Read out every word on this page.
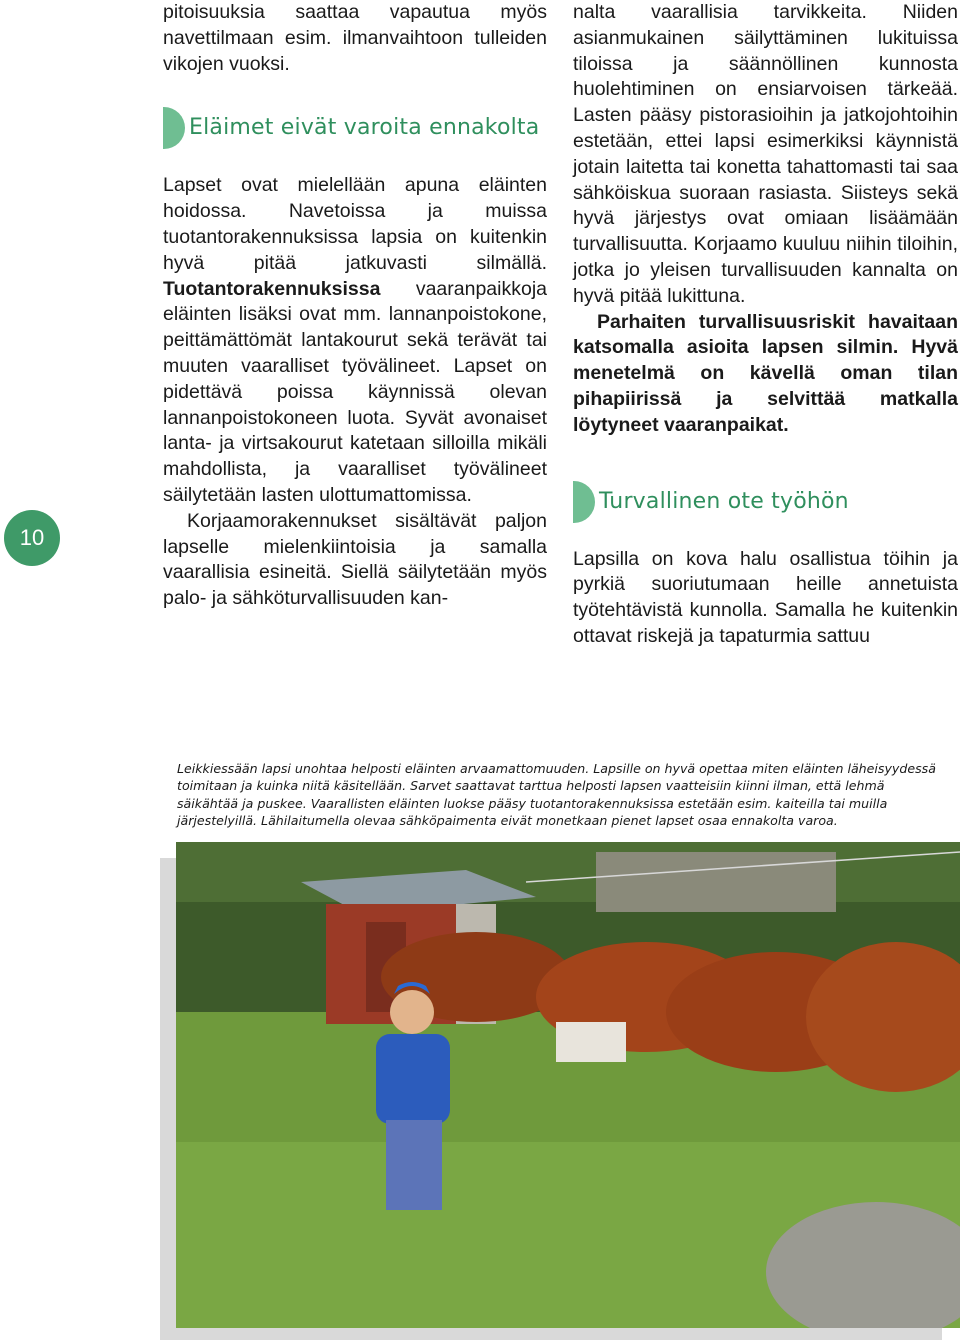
10

pitoisuuksia saattaa vapautua myös navettilmaan esim. ilmanvaihtoon tulleiden vikojen vuoksi.

Eläimet eivät varoita ennakolta

Lapset ovat mielellään apuna eläinten hoidossa. Navetoissa ja muissa tuotantorakennuksissa lapsia on kuitenkin hyvä pitää jatkuvasti silmällä. Tuotantorakennuksissa vaaranpaikkoja eläinten lisäksi ovat mm. lannanpoistokone, peittämättömät lantakourut sekä terävät tai muuten vaaralliset työvälineet. Lapset on pidettävä poissa käynnissä olevan lannanpoistokoneen luota. Syvät avonaiset lanta- ja virtsakourut katetaan silloilla mikäli mahdollista, ja vaaralliset työvälineet säilytetään lasten ulottumattomissa.

Korjaamorakennukset sisältävät paljon lapselle mielenkiintoisia ja samalla vaarallisia esineitä. Siellä säilytetään myös palo- ja sähköturvallisuuden kan-

nalta vaarallisia tarvikkeita. Niiden asianmukainen säilyttäminen lukituissa tiloissa ja säännöllinen kunnosta huolehtiminen on ensiarvoisen tärkeää. Lasten pääsy pistorasioihin ja jatkojohtoihin estetään, ettei lapsi esimerkiksi käynnistä jotain laitetta tai konetta tahattomasti tai saa sähköiskua suoraan rasiasta. Siisteys sekä hyvä järjestys ovat omiaan lisäämään turvallisuutta. Korjaamo kuuluu niihin tiloihin, jotka jo yleisen turvallisuuden kannalta on hyvä pitää lukittuna.

Parhaiten turvallisuusriskit havaitaan katsomalla asioita lapsen silmin. Hyvä menetelmä on kävellä oman tilan pihapiirissä ja selvittää matkalla löytyneet vaaranpaikat.

Turvallinen ote työhön

Lapsilla on kova halu osallistua töihin ja pyrkiä suoriutumaan heille annetuista työtehtävistä kunnolla. Samalla he kuitenkin ottavat riskejä ja tapaturmia sattuu

Leikkiessään lapsi unohtaa helposti eläinten arvaamattomuuden. Lapsille on hyvä opettaa miten eläinten läheisyydessä toimitaan ja kuinka niitä käsitellään. Sarvet saattavat tarttua helposti lapsen vaatteisiin kiinni ilman, että lehmä säikähtää ja puskee. Vaarallisten eläinten luokse pääsy tuotantorakennuksissa estetään esim. kaiteilla tai muilla järjestelyillä. Lähilaitumella olevaa sähköpaimenta eivät monetkaan pienet lapset osaa ennakolta varoa.
